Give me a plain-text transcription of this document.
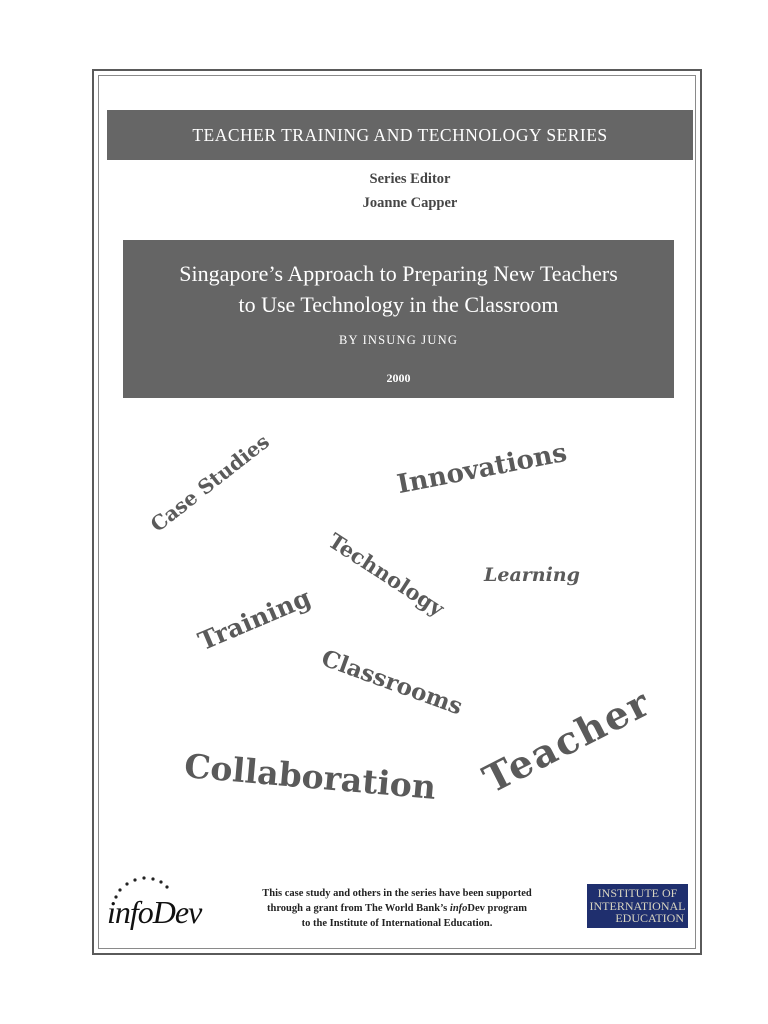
TEACHER TRAINING AND TECHNOLOGY SERIES
Series Editor
Joanne Capper
Singapore’s Approach to Preparing New Teachers
to Use Technology in the Classroom
BY INSUNG JUNG
2000
Case Studies	Innovations
Technology Learning
Training
Classrooms Teacher
Collaboration
infoDev
This case study and others in the series have been supported
through a grant from The World Bank’s infoDev program
to the Institute of International Education.
INSTITUTE OF
INTERNATIONAL
EDUCATION
